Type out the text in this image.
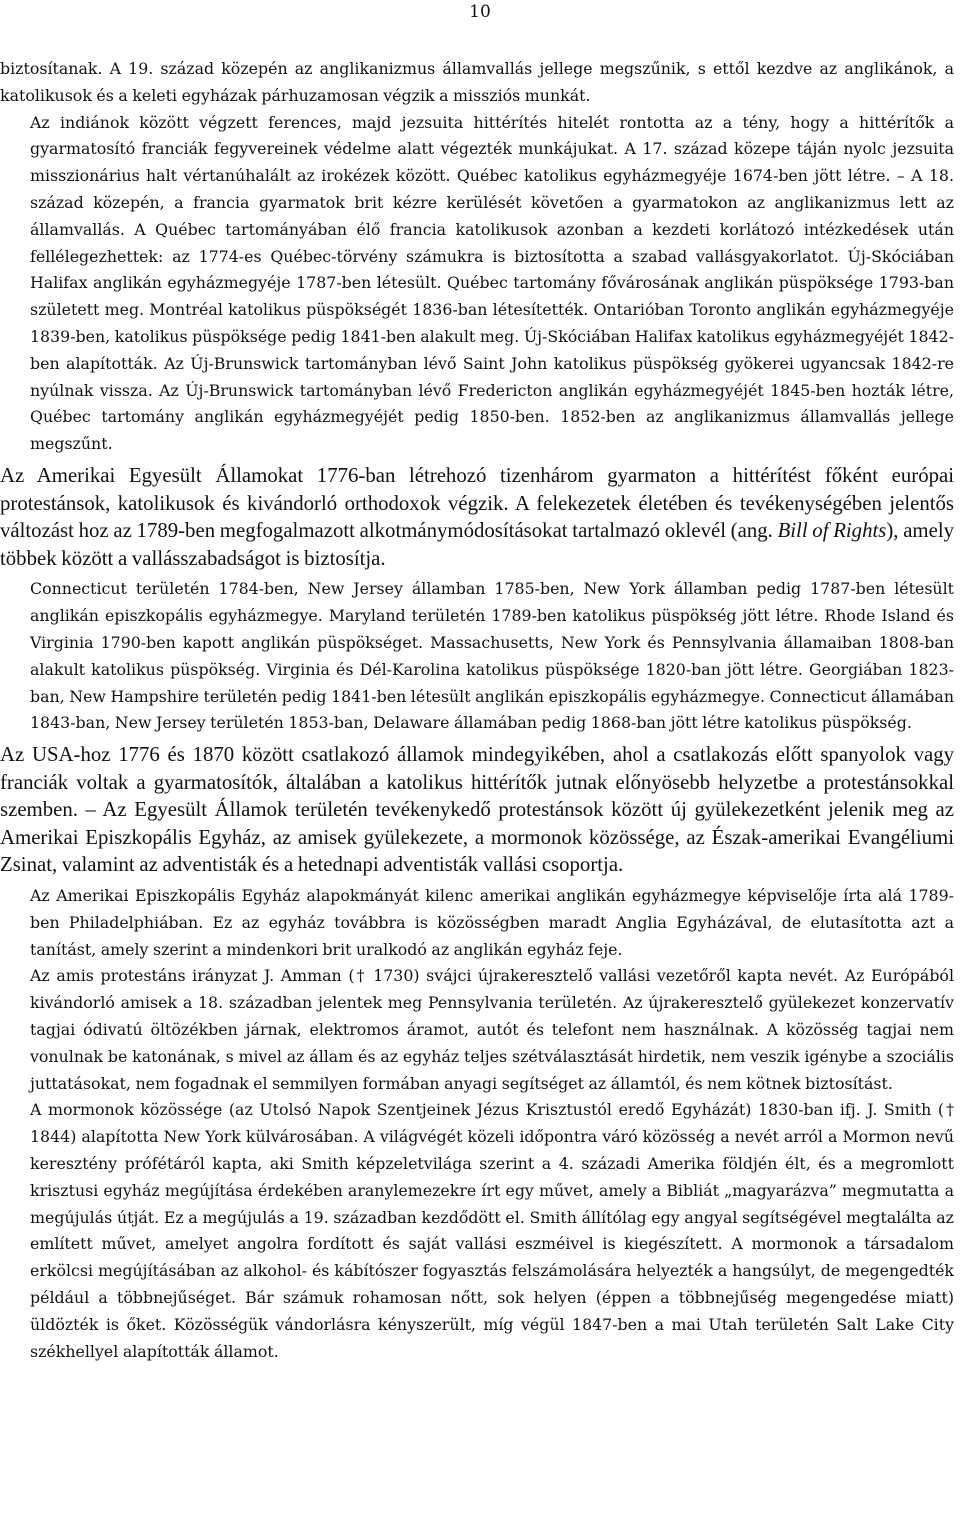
10

biztosítanak. A 19. század közepén az anglikanizmus államvallás jellege megszűnik, s ettől kezdve az anglikánok, a katolikusok és a keleti egyházak párhuzamosan végzik a missziós munkát.

Az indiánok között végzett ferences, majd jezsuita hittérítés hitelét rontotta az a tény, hogy a hittérítők a gyarmatosító franciák fegyvereinek védelme alatt végezték munkájukat. A 17. század közepe táján nyolc jezsuita misszionárius halt vértanúhalált az irokézek között. Québec katolikus egyházmegyéje 1674-ben jött létre. – A 18. század közepén, a francia gyarmatok brit kézre kerülését követően a gyarmatokon az anglikanizmus lett az államvallás. A Québec tartományában élő francia katolikusok azonban a kezdeti korlátozó intézkedések után fellélegezhettek: az 1774-es Québec-törvény számukra is biztosította a szabad vallásgyakorlatot. Új-Skóciában Halifax anglikán egyházmegyéje 1787-ben létesült. Québec tartomány fővárosának anglikán püspöksége 1793-ban született meg. Montréal katolikus püspökségét 1836-ban létesítették. Ontarióban Toronto anglikán egyházmegyéje 1839-ben, katolikus püspöksége pedig 1841-ben alakult meg. Új-Skóciában Halifax katolikus egyházmegyéjét 1842-ben alapították. Az Új-Brunswick tartományban lévő Saint John katolikus püspökség gyökerei ugyancsak 1842-re nyúlnak vissza. Az Új-Brunswick tartományban lévő Fredericton anglikán egyházmegyéjét 1845-ben hozták létre, Québec tartomány anglikán egyházmegyéjét pedig 1850-ben. 1852-ben az anglikanizmus államvallás jellege megszűnt.

Az Amerikai Egyesült Államokat 1776-ban létrehozó tizenhárom gyarmaton a hittérítést főként európai protestánsok, katolikusok és kivándorló orthodoxok végzik. A felekezetek életében és tevékenységében jelentős változást hoz az 1789-ben megfogalmazott alkotmánymódosításokat tartalmazó oklevél (ang. Bill of Rights), amely többek között a vallásszabadságot is biztosítja.

Connecticut területén 1784-ben, New Jersey államban 1785-ben, New York államban pedig 1787-ben létesült anglikán episzkopális egyházmegye. Maryland területén 1789-ben katolikus püspökség jött létre. Rhode Island és Virginia 1790-ben kapott anglikán püspökséget. Massachusetts, New York és Pennsylvania államaiban 1808-ban alakult katolikus püspökség. Virginia és Dél-Karolina katolikus püspöksége 1820-ban jött létre. Georgiában 1823-ban, New Hampshire területén pedig 1841-ben létesült anglikán episzkopális egyházmegye. Connecticut államában 1843-ban, New Jersey területén 1853-ban, Delaware államában pedig 1868-ban jött létre katolikus püspökség.

Az USA-hoz 1776 és 1870 között csatlakozó államok mindegyikében, ahol a csatlakozás előtt spanyolok vagy franciák voltak a gyarmatosítók, általában a katolikus hittérítők jutnak előnyösebb helyzetbe a protestánsokkal szemben. – Az Egyesült Államok területén tevékenykedő protestánsok között új gyülekezetként jelenik meg az Amerikai Episzkopális Egyház, az amisek gyülekezete, a mormonok közössége, az Észak-amerikai Evangéliumi Zsinat, valamint az adventisták és a hetednapi adventisták vallási csoportja.

Az Amerikai Episzkopális Egyház alapokmányát kilenc amerikai anglikán egyházmegye képviselője írta alá 1789-ben Philadelphiában. Ez az egyház továbbra is közösségben maradt Anglia Egyházával, de elutasította azt a tanítást, amely szerint a mindenkori brit uralkodó az anglikán egyház feje.

Az amis protestáns irányzat J. Amman († 1730) svájci újrakeresztelő vallási vezetőről kapta nevét. Az Európából kivándorló amisek a 18. században jelentek meg Pennsylvania területén. Az újrakeresztelő gyülekezet konzervatív tagjai ódivatú öltözékben járnak, elektromos áramot, autót és telefont nem használnak. A közösség tagjai nem vonulnak be katonának, s mivel az állam és az egyház teljes szétválasztását hirdetik, nem veszik igénybe a szociális juttatásokat, nem fogadnak el semmilyen formában anyagi segítséget az államtól, és nem kötnek biztosítást.

A mormonok közössége (az Utolsó Napok Szentjeinek Jézus Krisztustól eredő Egyházát) 1830-ban ifj. J. Smith († 1844) alapította New York külvárosában. A világvégét közeli időpontra váró közösség a nevét arról a Mormon nevű keresztény prófétáról kapta, aki Smith képzeletvilága szerint a 4. századi Amerika földjén élt, és a megromlott krisztusi egyház megújítása érdekében aranylemezekre írt egy művet, amely a Bibliát „magyarázva” megmutatta a megújulás útját. Ez a megújulás a 19. században kezdődött el. Smith állítólag egy angyal segítségével megtalálta az említett művet, amelyet angolra fordított és saját vallási eszméivel is kiegészített. A mormonok a társadalom erkölcsi megújításában az alkohol- és kábítószer fogyasztás felszámolására helyezték a hangsúlyt, de megengedték például a többnejűséget. Bár számuk rohamosan nőtt, sok helyen (éppen a többnejűség megengedése miatt) üldözték is őket. Közösségük vándorlásra kényszerült, míg végül 1847-ben a mai Utah területén Salt Lake City székhellyel alapították államot.
